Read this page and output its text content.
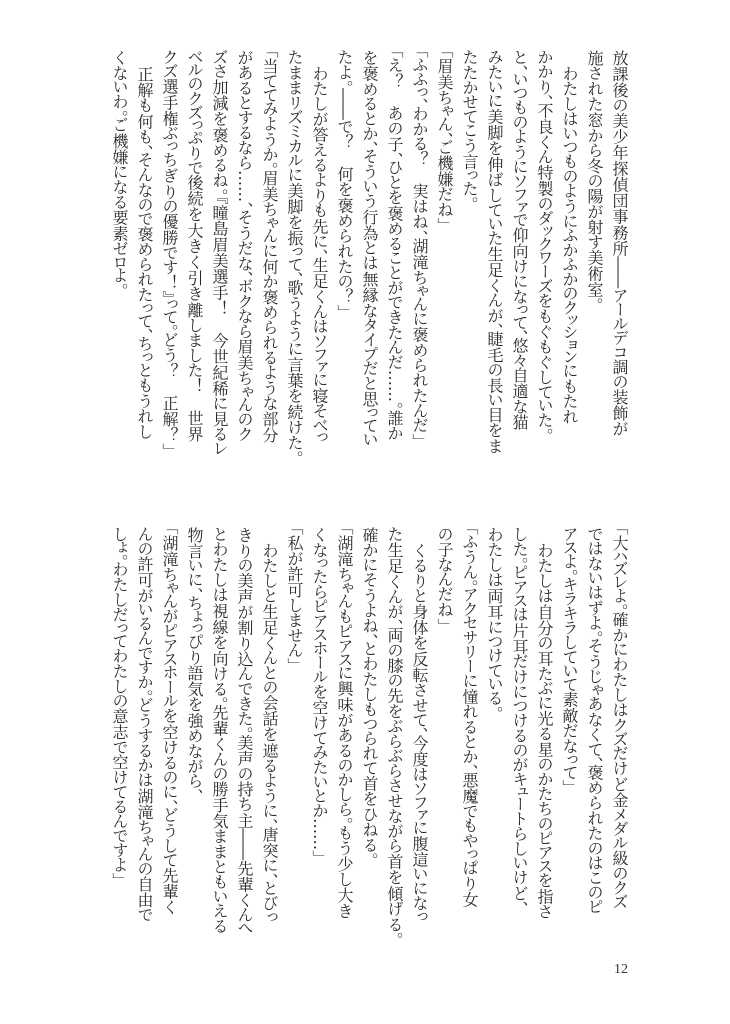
放課後の美少年探偵団事務所――アールデコ調の装飾が
施された窓から冬の陽が射す美術室。
　わたしはいつものようにふかふかのクッションにもたれ
かかり、不良くん特製のダックワーズをもぐもぐしていた。
と、いつものようにソファで仰向けになって、悠々自適な猫
みたいに美脚を伸ばしていた生足くんが、睫毛の長い目をま
たたかせてこう言った。
「眉美ちゃん、ご機嫌だね」
「ふふっ、わかる？　実はね、湖滝ちゃんに褒められたんだ」
「え？　あの子、ひとを褒めることができたんだ……。誰か
を褒めるとか、そういう行為とは無縁なタイプだと思ってい
たよ。――で？　何を褒められたの？」
　わたしが答えるよりも先に、生足くんはソファに寝そべっ
たままリズミカルに美脚を振って、歌うように言葉を続けた。
「当ててみようか。眉美ちゃんに何か褒められるような部分
があるとするなら……、そうだな、ボクなら眉美ちゃんのク
ズさ加減を褒めるね。『瞳島眉美選手！　今世紀稀に見るレ
ベルのクズっぷりで後続を大きく引き離しました！　世界
クズ選手権ぶっちぎりの優勝です！』って。どう？　正解？」
　正解も何も、そんなので褒められたって、ちっともうれし
くないわ。ご機嫌になる要素ゼロよ。
「大ハズレよ。確かにわたしはクズだけど金メダル級のクズ
ではないはずよ。そうじゃあなくて、褒められたのはこのピ
アスよ。キラキラしていて素敵だなって」
　わたしは自分の耳たぶに光る星のかたちのピアスを指さ
した。ピアスは片耳だけにつけるのがキュートらしいけど、
わたしは両耳につけている。
「ふうん。アクセサリーに憧れるとか、悪魔でもやっぱり女
の子なんだね」
　くるりと身体を反転させて、今度はソファに腹這いになっ
た生足くんが、両の膝の先をぶらぶらさせながら首を傾げる。
確かにそうよね、とわたしもつられて首をひねる。
「湖滝ちゃんもピアスに興味があるのかしら。もう少し大き
くなったらピアスホールを空けてみたいとか……」
「私が許可しません」
　わたしと生足くんとの会話を遮るように、唐突に、とびっ
きりの美声が割り込んできた。美声の持ち主――先輩くんへ
とわたしは視線を向ける。先輩くんの勝手気ままともいえる
物言いに、ちょっぴり語気を強めながら、
「湖滝ちゃんがピアスホールを空けるのに、どうして先輩く
んの許可がいるんですか。どうするかは湖滝ちゃんの自由で
しょ。わたしだってわたしの意志で空けてるんですよ」
12
